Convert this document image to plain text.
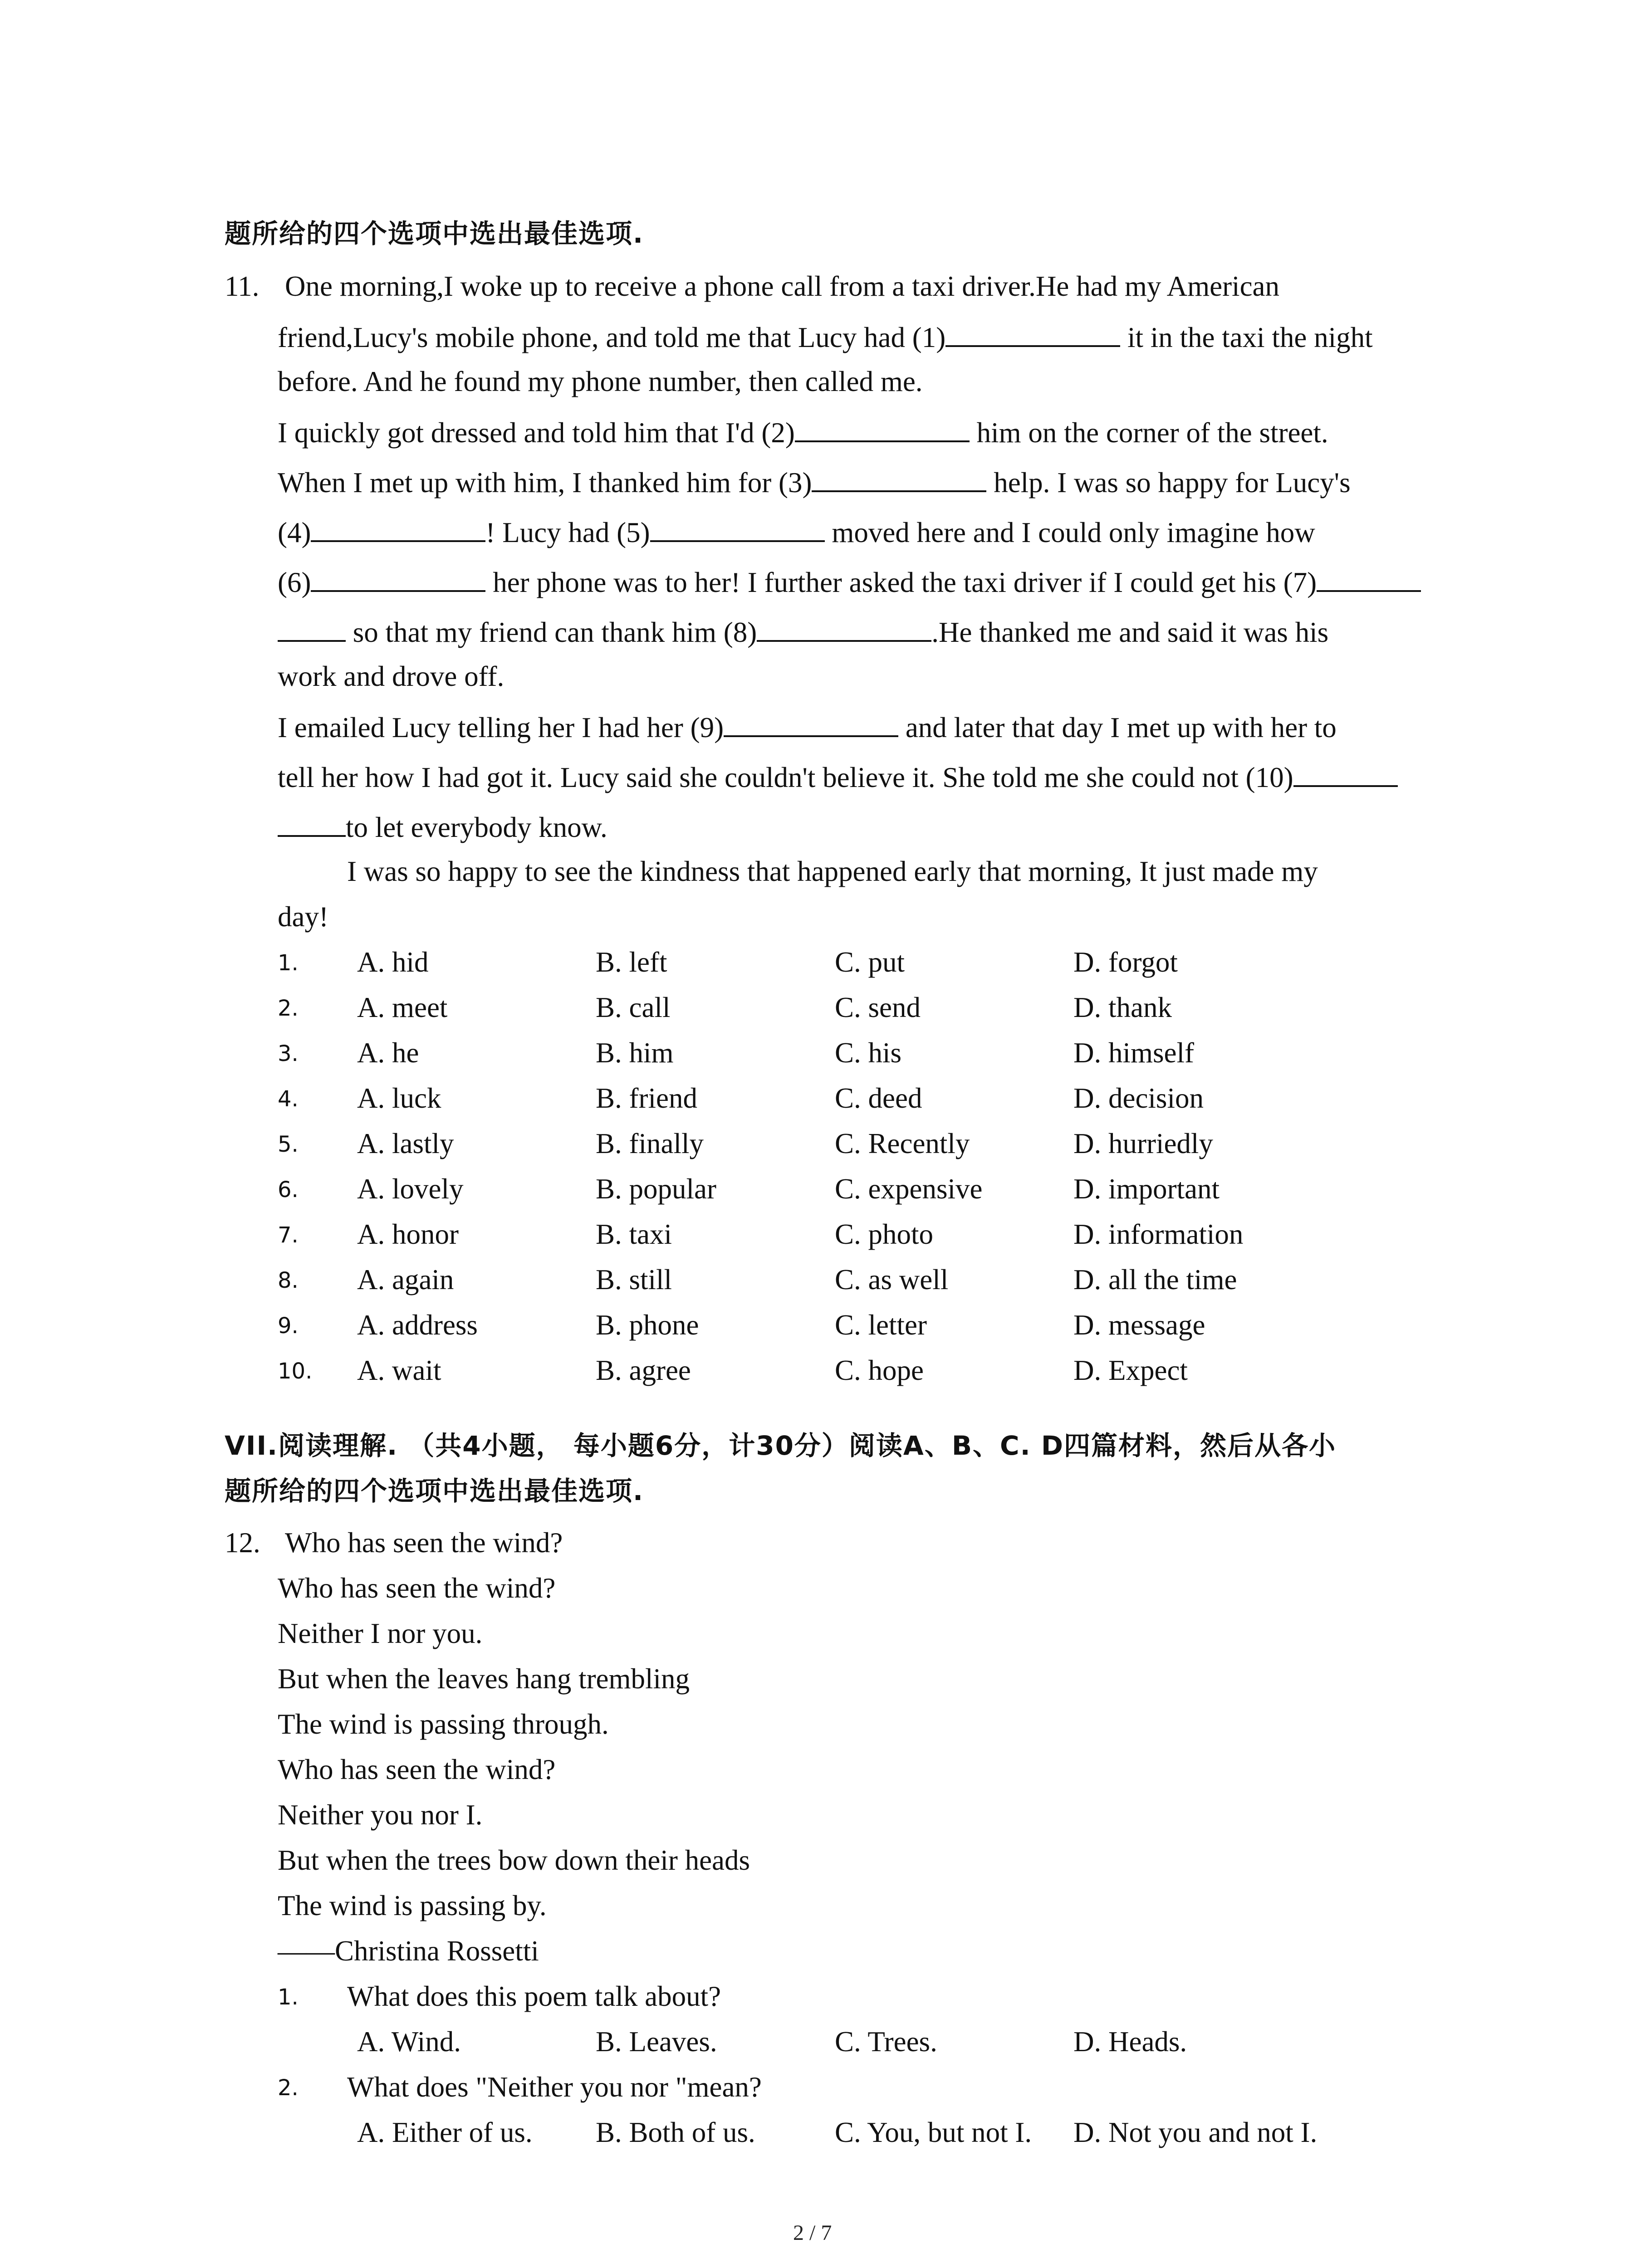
题所给的四个选项中选出最佳选项.
11. One morning,I woke up to receive a phone call from a taxi driver.He had my American
friend,Lucy's mobile phone, and told me that Lucy had (1)	it in the taxi the night
before. And he found my phone number, then called me.
I quickly got dressed and told him that I'd (2)	him on the corner of the street.
When I met up with him, I thanked him for (3)	help. I was so happy for Lucy's
(4)	! Lucy had (5)	moved here and I could only imagine how
(6)	her phone was to her! I further asked the taxi driver if I could get his (7)
so that my friend can thank him (8)	.He thanked me and said it was his
work and drove off.
I emailed Lucy telling her I had her (9)	and later that day I met up with her to
tell her how I had got it. Lucy said she couldn't believe it. She told me she could not (10)
to let everybody know.
I was so happy to see the kindness that happened early that morning, It just made my
day!
1. A. hid	B. left	C. put	D. forgot
2. A. meet	B. call	C. send	D. thank
3. A. he	B. him	C. his	D. himself
4. A. luck	B. friend	C. deed	D. decision
5. A. lastly	B. finally	C. Recently	D. hurriedly
6. A. lovely	B. popular	C. expensive	D. important
7. A. honor	B. taxi	C. photo	D. information
8. A. again	B. still	C. as well	D. all the time
9. A. address	B. phone	C. letter	D. message
10. A. wait	B. agree	C. hope	D. Expect
VII.阅读理解. （共4小题， 每小题6分，计30分）阅读A、B、C. D四篇材料，然后从各小
题所给的四个选项中选出最佳选项.
12. Who has seen the wind?
Who has seen the wind?
Neither I nor you.
But when the leaves hang trembling
The wind is passing through.
Who has seen the wind?
Neither you nor I.
But when the trees bow down their heads
The wind is passing by.
——Christina Rossetti
1. What does this poem talk about?
A. Wind.	B. Leaves.	C. Trees.	D. Heads.
2. What does "Neither you nor "mean?
A. Either of us. B. Both of us.	C. You, but not I. D. Not you and not I.
2 / 7
